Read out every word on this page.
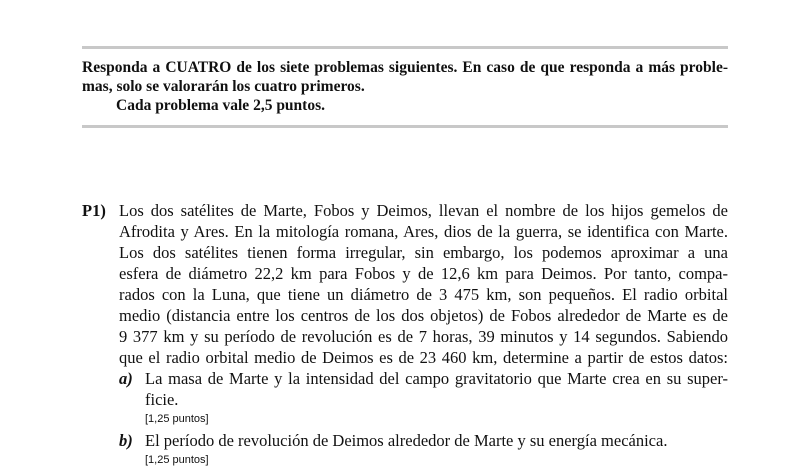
Responda a CUATRO de los siete problemas siguientes. En caso de que responda a más proble-
mas, solo se valorarán los cuatro primeros.
Cada problema vale 2,5 puntos.
P1) Los dos satélites de Marte, Fobos y Deimos, llevan el nombre de los hijos gemelos de
Afrodita y Ares. En la mitología romana, Ares, dios de la guerra, se identifica con Marte.
Los dos satélites tienen forma irregular, sin embargo, los podemos aproximar a una
esfera de diámetro 22,2 km para Fobos y de 12,6 km para Deimos. Por tanto, compa-
rados con la Luna, que tiene un diámetro de 3 475 km, son pequeños. El radio orbital
medio (distancia entre los centros de los dos objetos) de Fobos alrededor de Marte es de
9 377 km y su período de revolución es de 7 horas, 39 minutos y 14 segundos. Sabiendo
que el radio orbital medio de Deimos es de 23 460 km, determine a partir de estos datos:
a) La masa de Marte y la intensidad del campo gravitatorio que Marte crea en su super-
ficie.
[1,25 puntos]
b) El período de revolución de Deimos alrededor de Marte y su energía mecánica.
[1,25 puntos]
